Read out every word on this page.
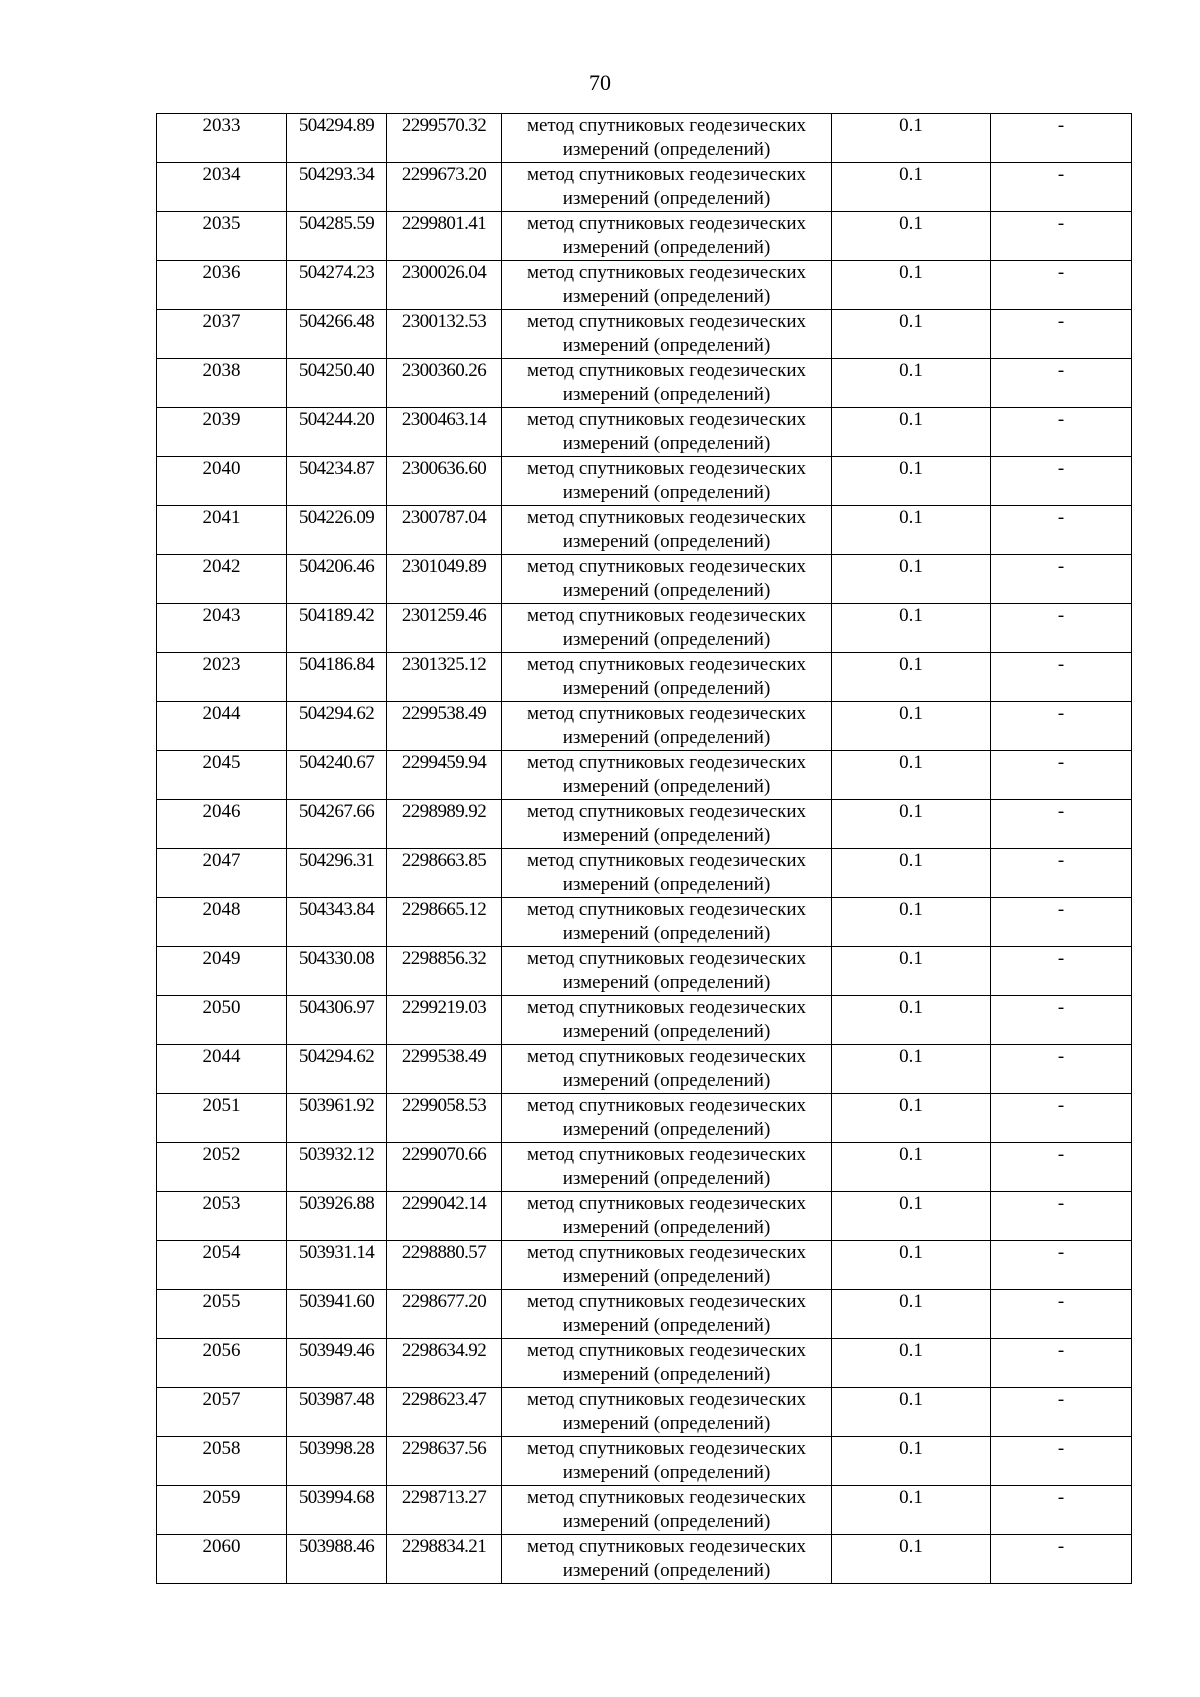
70
2033	504294.89	2299570.32	метод спутниковых геодезических измерений (определений)	0.1	-
2034	504293.34	2299673.20	метод спутниковых геодезических измерений (определений)	0.1	-
2035	504285.59	2299801.41	метод спутниковых геодезических измерений (определений)	0.1	-
2036	504274.23	2300026.04	метод спутниковых геодезических измерений (определений)	0.1	-
2037	504266.48	2300132.53	метод спутниковых геодезических измерений (определений)	0.1	-
2038	504250.40	2300360.26	метод спутниковых геодезических измерений (определений)	0.1	-
2039	504244.20	2300463.14	метод спутниковых геодезических измерений (определений)	0.1	-
2040	504234.87	2300636.60	метод спутниковых геодезических измерений (определений)	0.1	-
2041	504226.09	2300787.04	метод спутниковых геодезических измерений (определений)	0.1	-
2042	504206.46	2301049.89	метод спутниковых геодезических измерений (определений)	0.1	-
2043	504189.42	2301259.46	метод спутниковых геодезических измерений (определений)	0.1	-
2023	504186.84	2301325.12	метод спутниковых геодезических измерений (определений)	0.1	-
2044	504294.62	2299538.49	метод спутниковых геодезических измерений (определений)	0.1	-
2045	504240.67	2299459.94	метод спутниковых геодезических измерений (определений)	0.1	-
2046	504267.66	2298989.92	метод спутниковых геодезических измерений (определений)	0.1	-
2047	504296.31	2298663.85	метод спутниковых геодезических измерений (определений)	0.1	-
2048	504343.84	2298665.12	метод спутниковых геодезических измерений (определений)	0.1	-
2049	504330.08	2298856.32	метод спутниковых геодезических измерений (определений)	0.1	-
2050	504306.97	2299219.03	метод спутниковых геодезических измерений (определений)	0.1	-
2044	504294.62	2299538.49	метод спутниковых геодезических измерений (определений)	0.1	-
2051	503961.92	2299058.53	метод спутниковых геодезических измерений (определений)	0.1	-
2052	503932.12	2299070.66	метод спутниковых геодезических измерений (определений)	0.1	-
2053	503926.88	2299042.14	метод спутниковых геодезических измерений (определений)	0.1	-
2054	503931.14	2298880.57	метод спутниковых геодезических измерений (определений)	0.1	-
2055	503941.60	2298677.20	метод спутниковых геодезических измерений (определений)	0.1	-
2056	503949.46	2298634.92	метод спутниковых геодезических измерений (определений)	0.1	-
2057	503987.48	2298623.47	метод спутниковых геодезических измерений (определений)	0.1	-
2058	503998.28	2298637.56	метод спутниковых геодезических измерений (определений)	0.1	-
2059	503994.68	2298713.27	метод спутниковых геодезических измерений (определений)	0.1	-
2060	503988.46	2298834.21	метод спутниковых геодезических измерений (определений)	0.1	-
